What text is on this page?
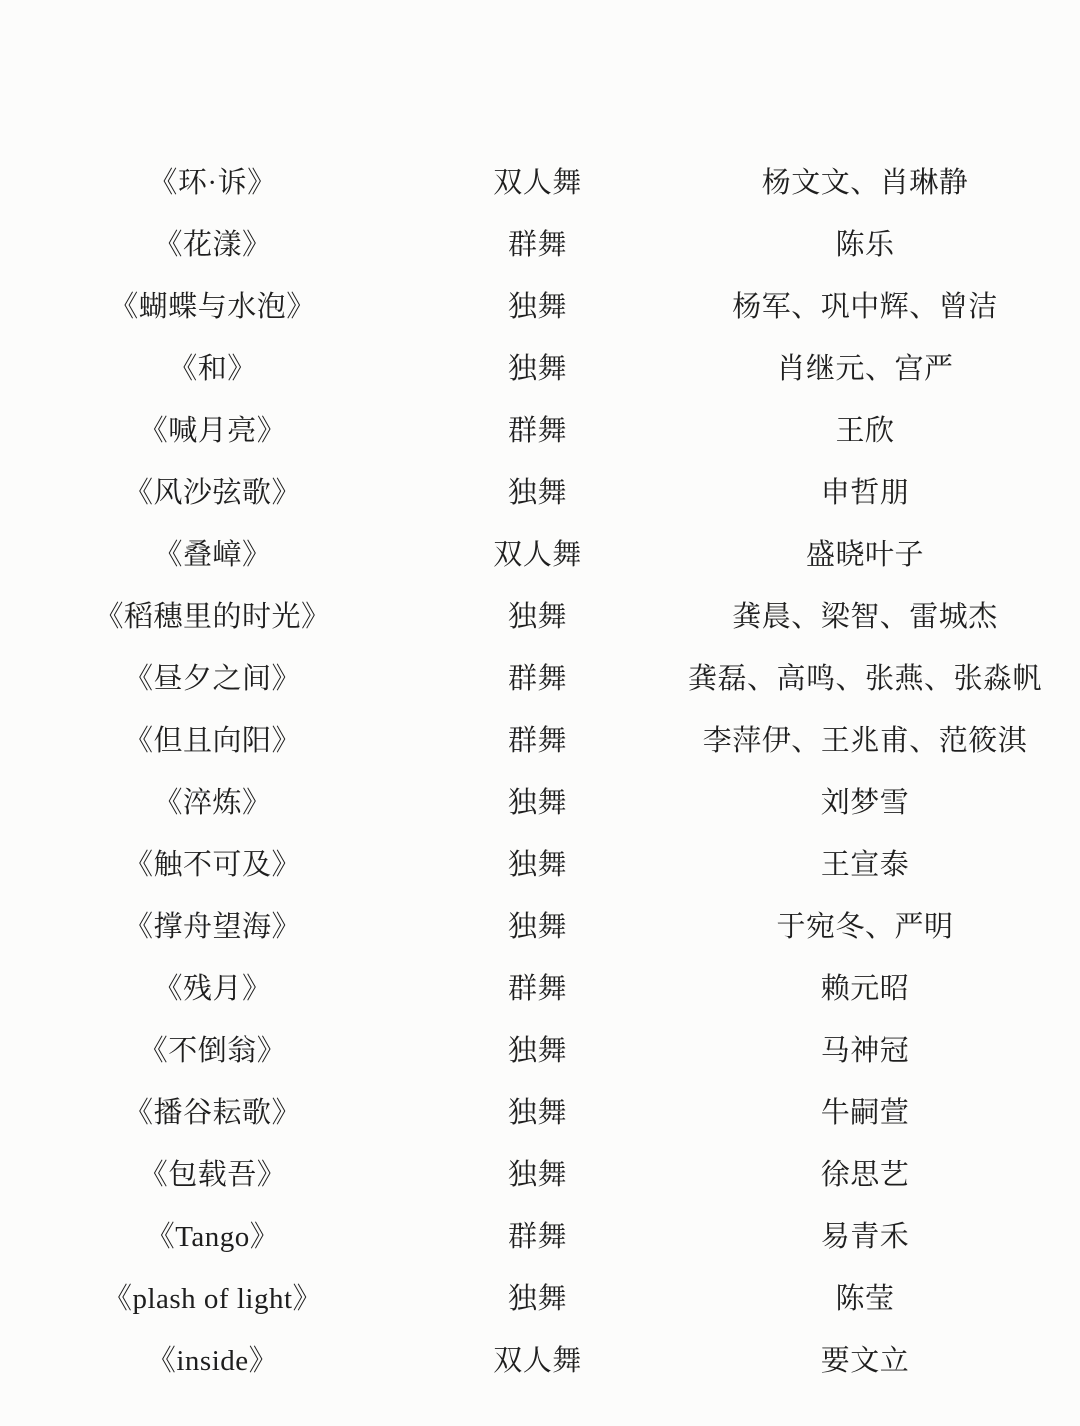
《环·诉》	双人舞	杨文文、肖琳静
《花漾》	群舞	陈乐
《蝴蝶与水泡》	独舞	杨军、巩中辉、曾洁
《和》	独舞	肖继元、宫严
《喊月亮》	群舞	王欣
《风沙弦歌》	独舞	申哲朋
《叠嶂》	双人舞	盛晓叶子
《稻穗里的时光》	独舞	龚晨、梁智、雷城杰
《昼夕之间》	群舞	龚磊、高鸣、张燕、张淼帆
《但且向阳》	群舞	李萍伊、王兆甫、范筱淇
《淬炼》	独舞	刘梦雪
《触不可及》	独舞	王宣泰
《撑舟望海》	独舞	于宛冬、严明
《残月》	群舞	赖元昭
《不倒翁》	独舞	马神冠
《播谷耘歌》	独舞	牛嗣萱
《包载吾》	独舞	徐思艺
《Tango》	群舞	易青禾
《plash of light》	独舞	陈莹
《inside》	双人舞	要文立
